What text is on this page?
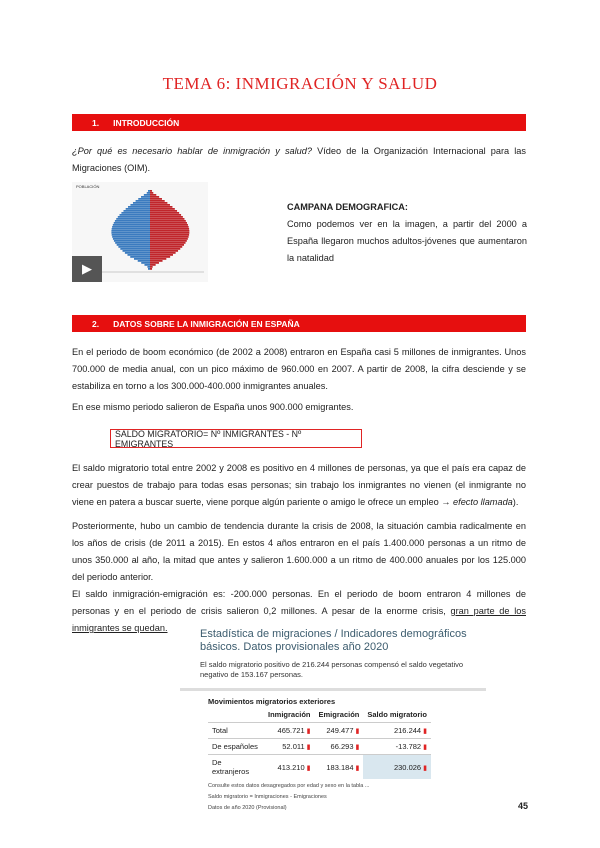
TEMA 6: INMIGRACIÓN Y SALUD
1. INTRODUCCIÓN
¿Por qué es necesario hablar de inmigración y salud? Vídeo de la Organización Internacional para las Migraciones (OIM).
POBLACIÓN
▶
CAMPANA DEMOGRAFICA:
Como podemos ver en la imagen, a partir del 2000 a España llegaron muchos adultos-jóvenes que aumentaron la natalidad
2. DATOS SOBRE LA INMIGRACIÓN EN ESPAÑA
En el periodo de boom económico (de 2002 a 2008) entraron en España casi 5 millones de inmigrantes. Unos 700.000 de media anual, con un pico máximo de 960.000 en 2007. A partir de 2008, la cifra desciende y se estabiliza en torno a los 300.000-400.000 inmigrantes anuales.
En ese mismo periodo salieron de España unos 900.000 emigrantes.
SALDO MIGRATORIO= Nº INMIGRANTES - Nº EMIGRANTES
El saldo migratorio total entre 2002 y 2008 es positivo en 4 millones de personas, ya que el país era capaz de crear puestos de trabajo para todas esas personas; sin trabajo los inmigrantes no vienen (el inmigrante no viene en patera a buscar suerte, viene porque algún pariente o amigo le ofrece un empleo → efecto llamada).
Posteriormente, hubo un cambio de tendencia durante la crisis de 2008, la situación cambia radicalmente en los años de crisis (de 2011 a 2015). En estos 4 años entraron en el país 1.400.000 personas a un ritmo de unos 350.000 al año, la mitad que antes y salieron 1.600.000 a un ritmo de 400.000 anuales por los 125.000 del periodo anterior.
El saldo inmigración-emigración es: -200.000 personas. En el periodo de boom entraron 4 millones de personas y en el periodo de crisis salieron 0,2 millones. A pesar de la enorme crisis, gran parte de los inmigrantes se quedan.	Estadística de migraciones / Indicadores demográficos básicos. Datos provisionales año 2020
El saldo migratorio positivo de 216.244 personas compensó el saldo vegetativo negativo de 153.167 personas.
Movimientos migratorios exteriores
	Inmigración	Emigración	Saldo migratorio
Total	465.721 ▮	249.477 ▮	216.244 ▮
De españoles	52.011 ▮	66.293 ▮	-13.782 ▮
De extranjeros	413.210 ▮	183.184 ▮	230.026 ▮
Consulte estos datos desagregados por edad y sexo en la tabla ...
Saldo migratorio = Inmigraciones - Emigraciones
Datos de año 2020 (Provisional)	45
